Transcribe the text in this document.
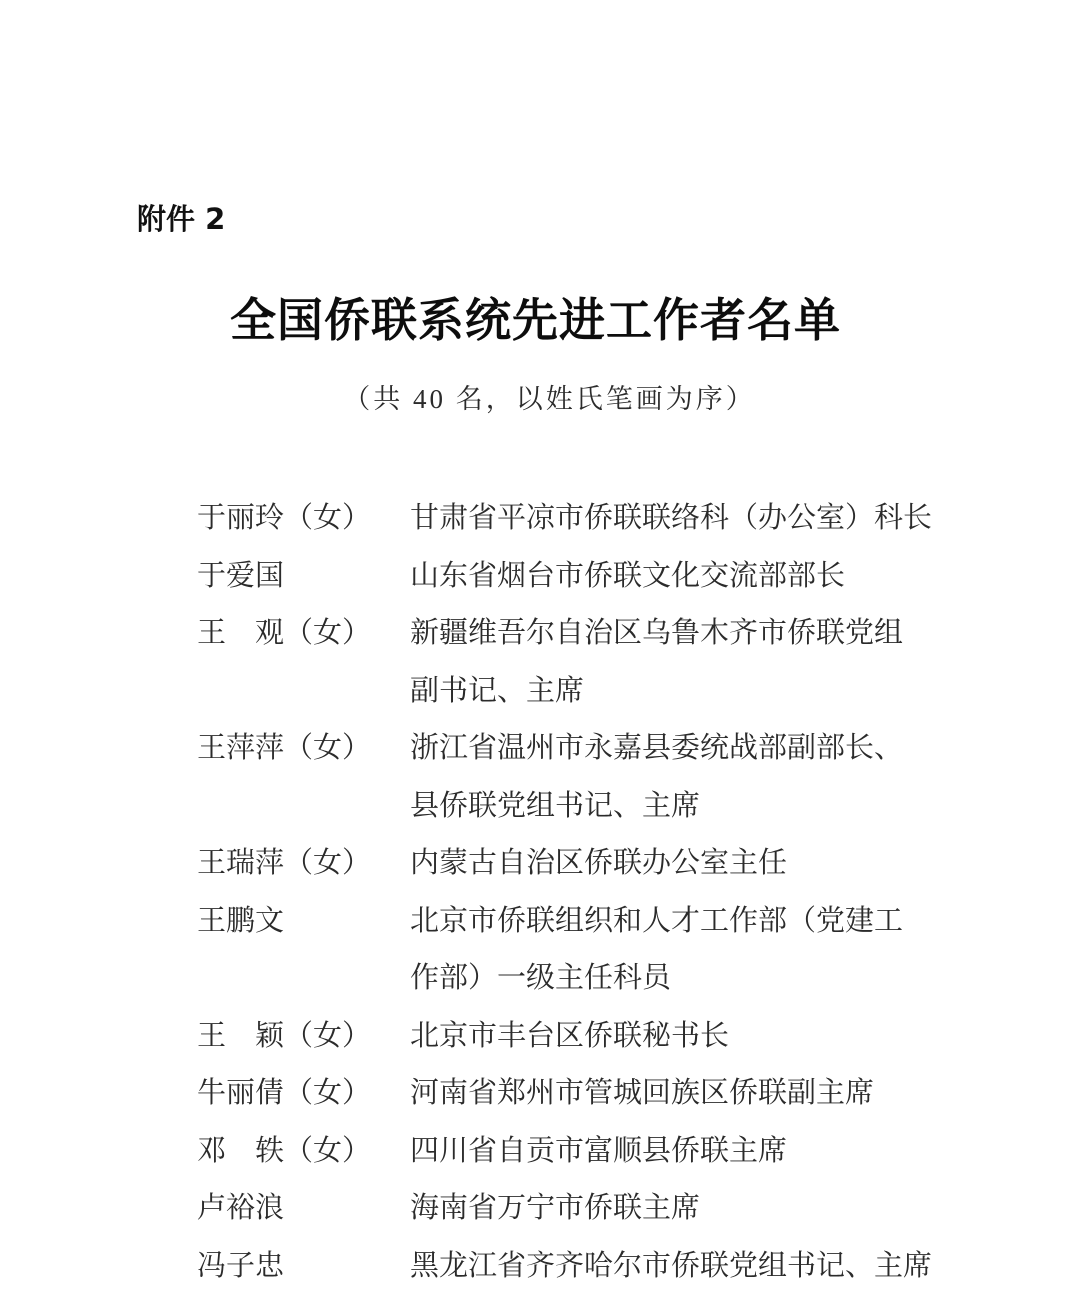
附件 2
全国侨联系统先进工作者名单
（共 40 名，以姓氏笔画为序）
于丽玲（女）	甘肃省平凉市侨联联络科（办公室）科长
于爱国	山东省烟台市侨联文化交流部部长
王　观（女）	新疆维吾尔自治区乌鲁木齐市侨联党组
副书记、主席
王萍萍（女）	浙江省温州市永嘉县委统战部副部长、
县侨联党组书记、主席
王瑞萍（女）	内蒙古自治区侨联办公室主任
王鹏文	北京市侨联组织和人才工作部（党建工
作部）一级主任科员
王　颖（女）	北京市丰台区侨联秘书长
牛丽倩（女）	河南省郑州市管城回族区侨联副主席
邓　轶（女）	四川省自贡市富顺县侨联主席
卢裕浪	海南省万宁市侨联主席
冯子忠	黑龙江省齐齐哈尔市侨联党组书记、主席
